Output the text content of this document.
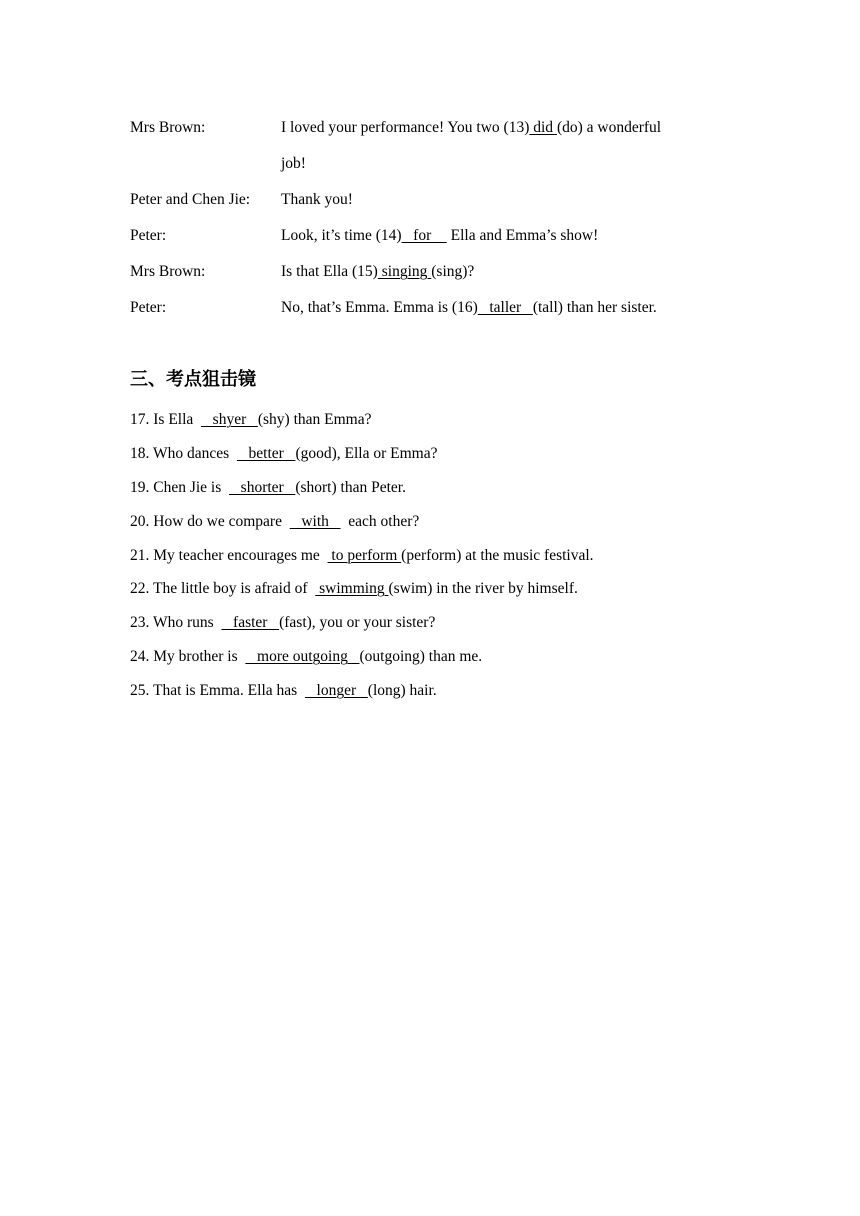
Mrs Brown:	I loved your performance! You two (13) did (do) a wonderful
job!
Peter and Chen Jie: Thank you!
Peter:	Look, it’s time (14)   for     Ella and Emma’s show!
Mrs Brown:	Is that Ella (15) singing (sing)?
Peter:	No, that’s Emma. Emma is (16)   taller   (tall) than her sister.
三、考点狙击镜
17. Is Ella     shyer   (shy) than Emma?
18. Who dances     better   (good), Ella or Emma?
19. Chen Jie is     shorter   (short) than Peter.
20. How do we compare     with     each other?
21. My teacher encourages me   to perform (perform) at the music festival.
22. The little boy is afraid of   swimming (swim) in the river by himself.
23. Who runs     faster   (fast), you or your sister?
24. My brother is     more outgoing   (outgoing) than me.
25. That is Emma. Ella has     longer   (long) hair.
